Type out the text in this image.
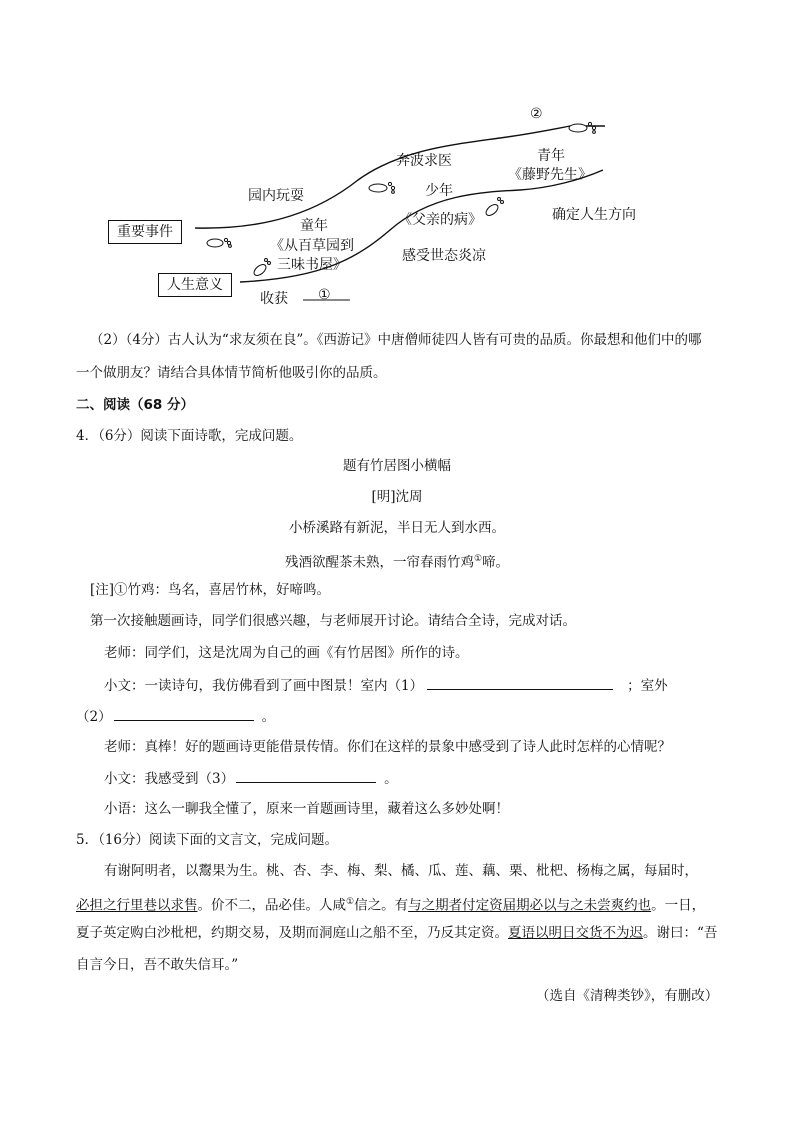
重要事件
人生意义
园内玩耍
奔波求医
确定人生方向
感受世态炎凉
童年
《从百草园到
三味书屋》
少年
《父亲的病》
青年
《藤野先生》
收获 ①
②
（2）（4分）古人认为“求友须在良”。《西游记》中唐僧师徒四人皆有可贵的品质。你最想和他们中的哪
一个做朋友？请结合具体情节简析他吸引你的品质。
二、阅读（68 分）
4．（6分）阅读下面诗歌，完成问题。
题有竹居图小横幅
[明]沈周
小桥溪路有新泥，半日无人到水西。
残酒欲醒茶未熟，一帘春雨竹鸡①啼。
[注]①竹鸡：鸟名，喜居竹林，好啼鸣。
第一次接触题画诗，同学们很感兴趣，与老师展开讨论。请结合全诗，完成对话。
老师：同学们，这是沈周为自己的画《有竹居图》所作的诗。
小文：一读诗句，我仿佛看到了画中图景！室内（1）	；室外
（2）	。
老师：真棒！好的题画诗更能借景传情。你们在这样的景象中感受到了诗人此时怎样的心情呢？
小文：我感受到（3）	。
小语：这么一聊我全懂了，原来一首题画诗里，藏着这么多妙处啊！
5．（16分）阅读下面的文言文，完成问题。
有谢阿明者，以鬻果为生。桃、杏、李、梅、梨、橘、瓜、莲、藕、栗、枇杷、杨梅之属，每届时，
必担之行里巷以求售。价不二，品必佳。人咸①信之。有与之期者付定资届期必以与之未尝爽约也。一日，
夏子英定购白沙枇杷，约期交易，及期而洞庭山之船不至，乃反其定资。夏语以明日交货不为迟。谢曰：“吾
自言今日，吾不敢失信耳。”
（选自《清稗类钞》，有删改）
